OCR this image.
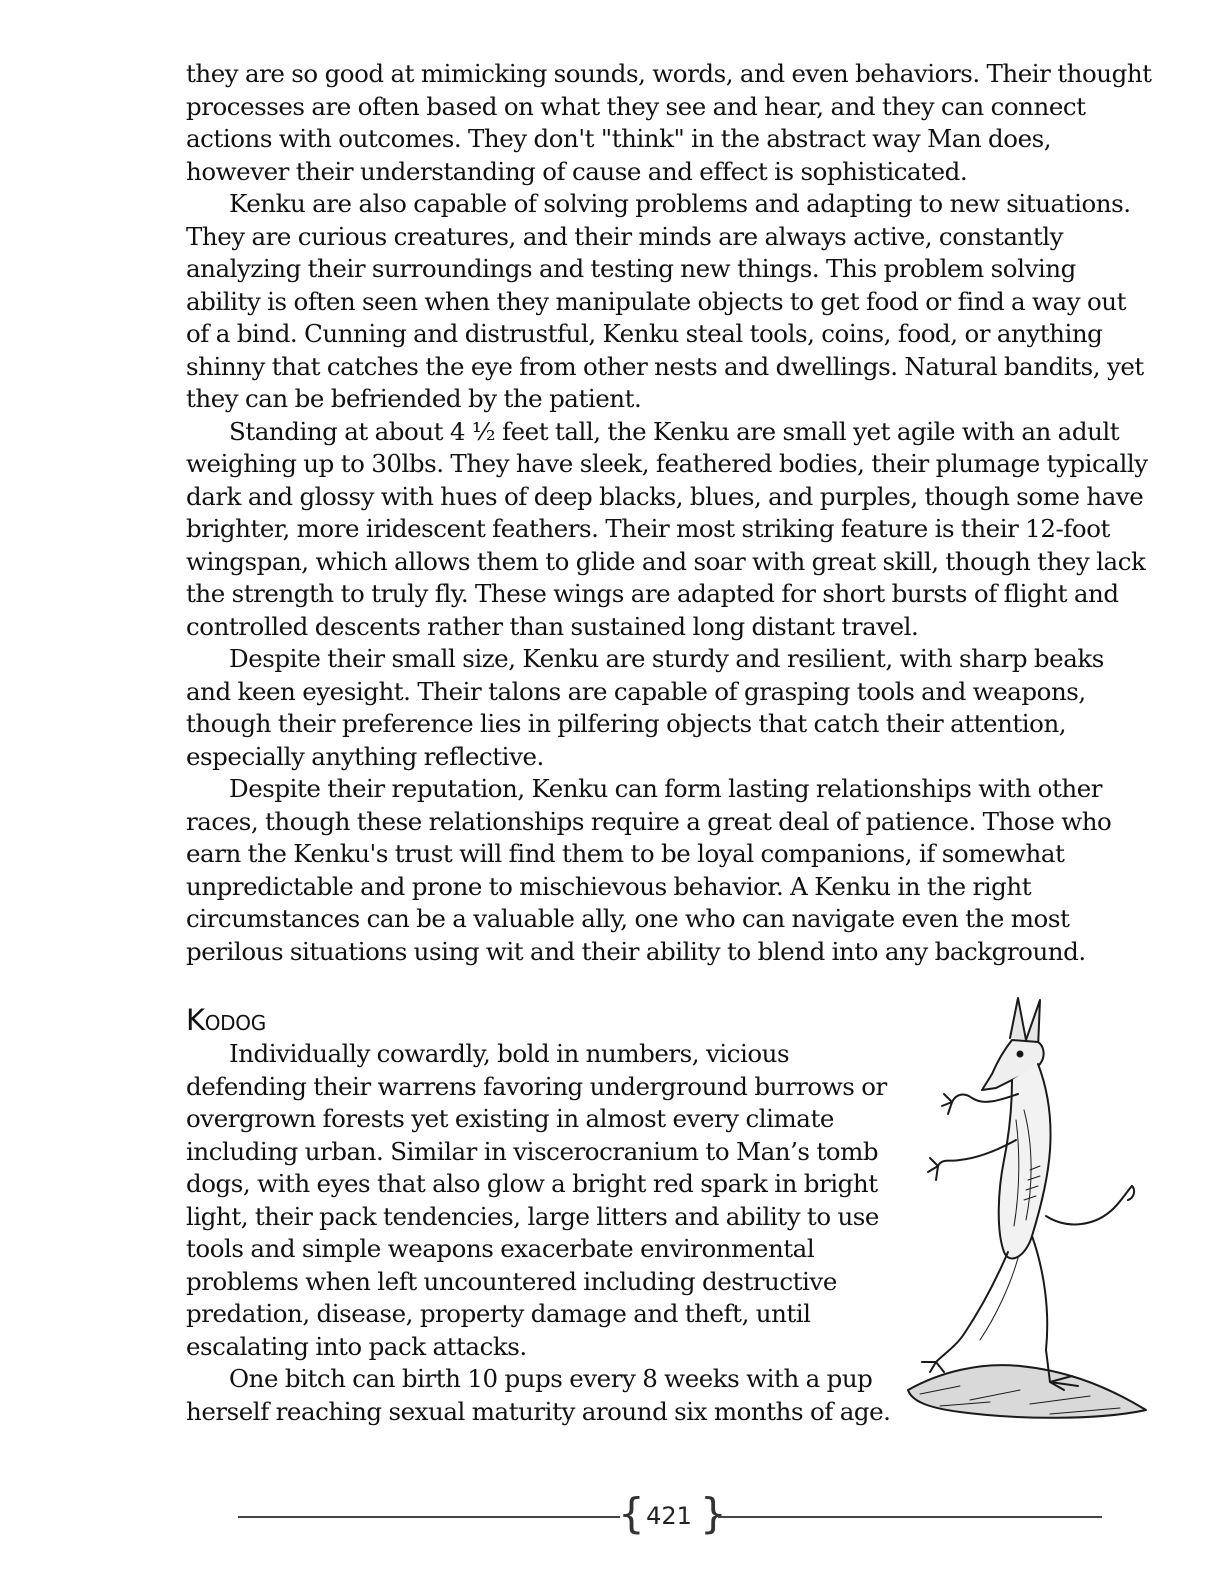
they are so good at mimicking sounds, words, and even behaviors. Their thought processes are often based on what they see and hear, and they can connect actions with outcomes. They don't "think" in the abstract way Man does, however their understanding of cause and effect is sophisticated.

Kenku are also capable of solving problems and adapting to new situations. They are curious creatures, and their minds are always active, constantly analyzing their surroundings and testing new things. This problem solving ability is often seen when they manipulate objects to get food or find a way out of a bind. Cunning and distrustful, Kenku steal tools, coins, food, or anything shinny that catches the eye from other nests and dwellings. Natural bandits, yet they can be befriended by the patient.

Standing at about 4 ½ feet tall, the Kenku are small yet agile with an adult weighing up to 30lbs. They have sleek, feathered bodies, their plumage typically dark and glossy with hues of deep blacks, blues, and purples, though some have brighter, more iridescent feathers. Their most striking feature is their 12-foot wingspan, which allows them to glide and soar with great skill, though they lack the strength to truly fly. These wings are adapted for short bursts of flight and controlled descents rather than sustained long distant travel.

Despite their small size, Kenku are sturdy and resilient, with sharp beaks and keen eyesight. Their talons are capable of grasping tools and weapons, though their preference lies in pilfering objects that catch their attention, especially anything reflective.

Despite their reputation, Kenku can form lasting relationships with other races, though these relationships require a great deal of patience. Those who earn the Kenku's trust will find them to be loyal companions, if somewhat unpredictable and prone to mischievous behavior. A Kenku in the right circumstances can be a valuable ally, one who can navigate even the most perilous situations using wit and their ability to blend into any background.

Kodog

Individually cowardly, bold in numbers, vicious defending their warrens favoring underground burrows or overgrown forests yet existing in almost every climate including urban. Similar in viscerocranium to Man’s tomb dogs, with eyes that also glow a bright red spark in bright light, their pack tendencies, large litters and ability to use tools and simple weapons exacerbate environmental problems when left uncountered including destructive predation, disease, property damage and theft, until escalating into pack attacks.

One bitch can birth 10 pups every 8 weeks with a pup herself reaching sexual maturity around six months of age.

{ 421 }
